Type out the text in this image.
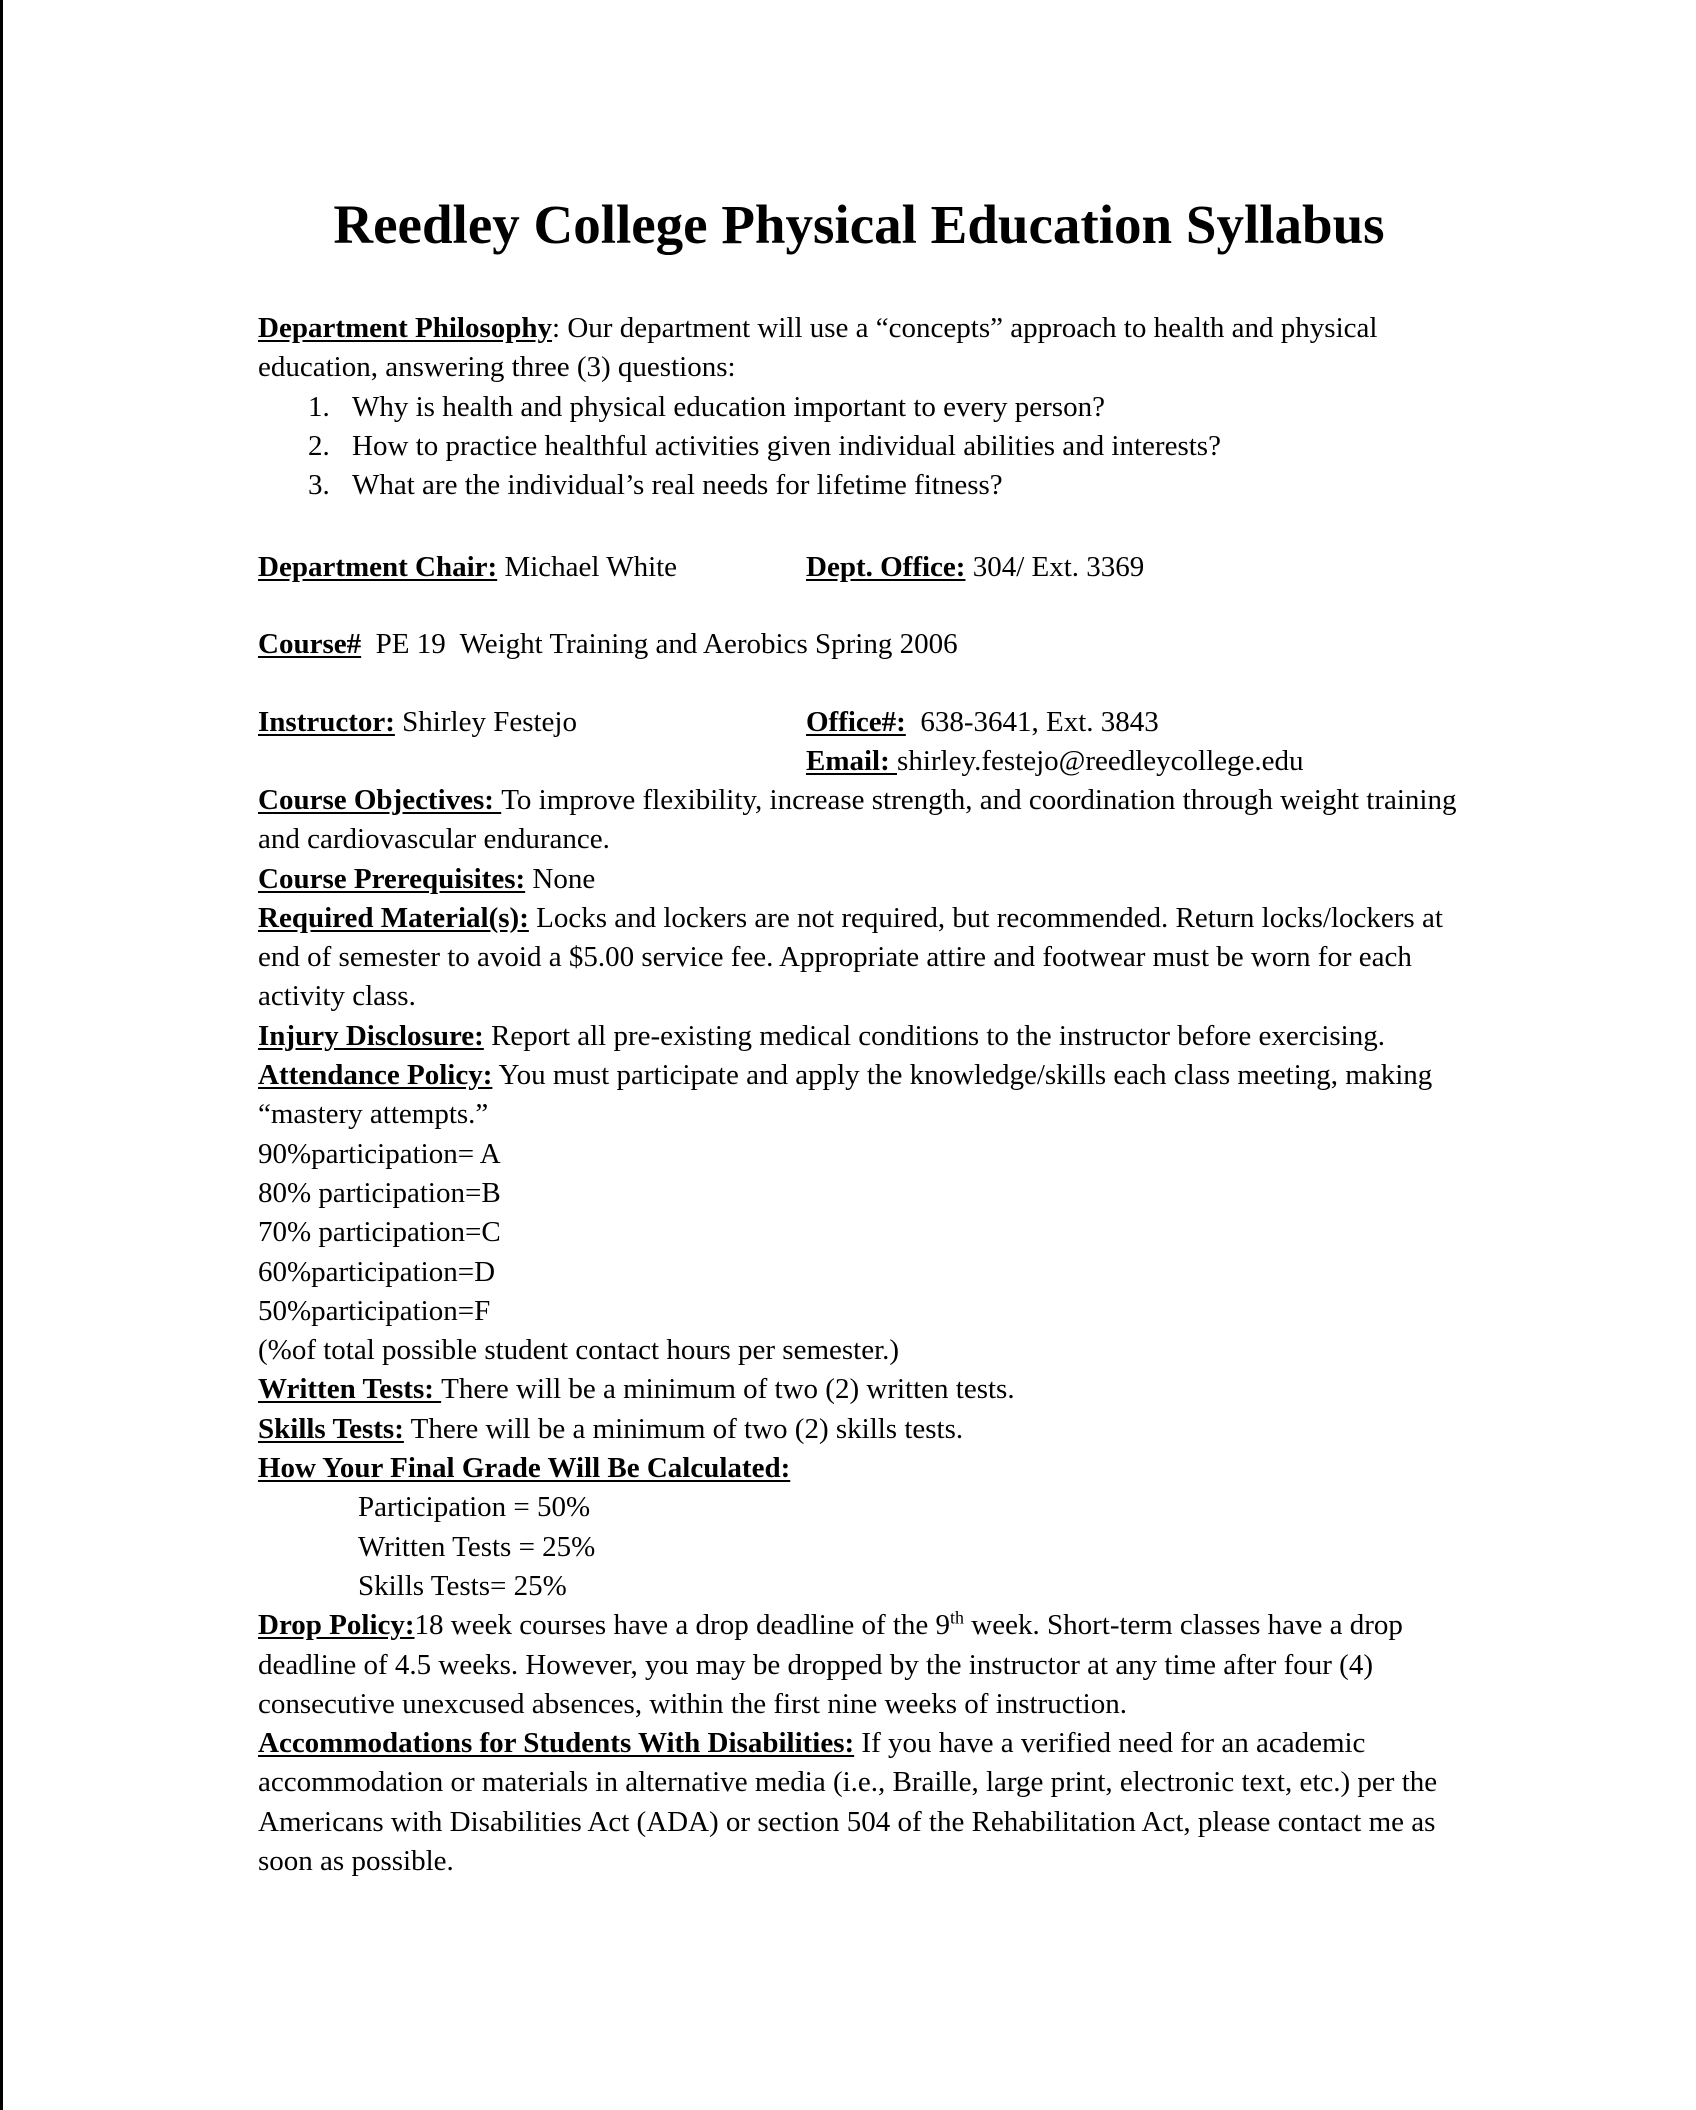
Reedley College Physical Education Syllabus

Department Philosophy: Our department will use a “concepts” approach to health and physical education, answering three (3) questions:

1. Why is health and physical education important to every person?
2. How to practice healthful activities given individual abilities and interests?
3. What are the individual’s real needs for lifetime fitness?
Department Chair: Michael White	Dept. Office: 304/ Ext. 3369
Course#  PE 19  Weight Training and Aerobics Spring 2006
Instructor: Shirley Festejo	Office#:  638-3641, Ext. 3843
Email: shirley.festejo@reedleycollege.edu

Course Objectives: To improve flexibility, increase strength, and coordination through weight training and cardiovascular endurance.

Course Prerequisites: None

Required Material(s): Locks and lockers are not required, but recommended. Return locks/lockers at end of semester to avoid a $5.00 service fee. Appropriate attire and footwear must be worn for each activity class.

Injury Disclosure: Report all pre-existing medical conditions to the instructor before exercising.

Attendance Policy: You must participate and apply the knowledge/skills each class meeting, making “mastery attempts.”

90%participation= A

80% participation=B

70% participation=C

60%participation=D

50%participation=F

(%of total possible student contact hours per semester.)

Written Tests: There will be a minimum of two (2) written tests.

Skills Tests: There will be a minimum of two (2) skills tests.

How Your Final Grade Will Be Calculated:

Participation = 50%

Written Tests = 25%

Skills Tests= 25%

Drop Policy:18 week courses have a drop deadline of the 9th week. Short-term classes have a drop deadline of 4.5 weeks. However, you may be dropped by the instructor at any time after four (4) consecutive unexcused absences, within the first nine weeks of instruction.

Accommodations for Students With Disabilities: If you have a verified need for an academic accommodation or materials in alternative media (i.e., Braille, large print, electronic text, etc.) per the Americans with Disabilities Act (ADA) or section 504 of the Rehabilitation Act, please contact me as soon as possible.
